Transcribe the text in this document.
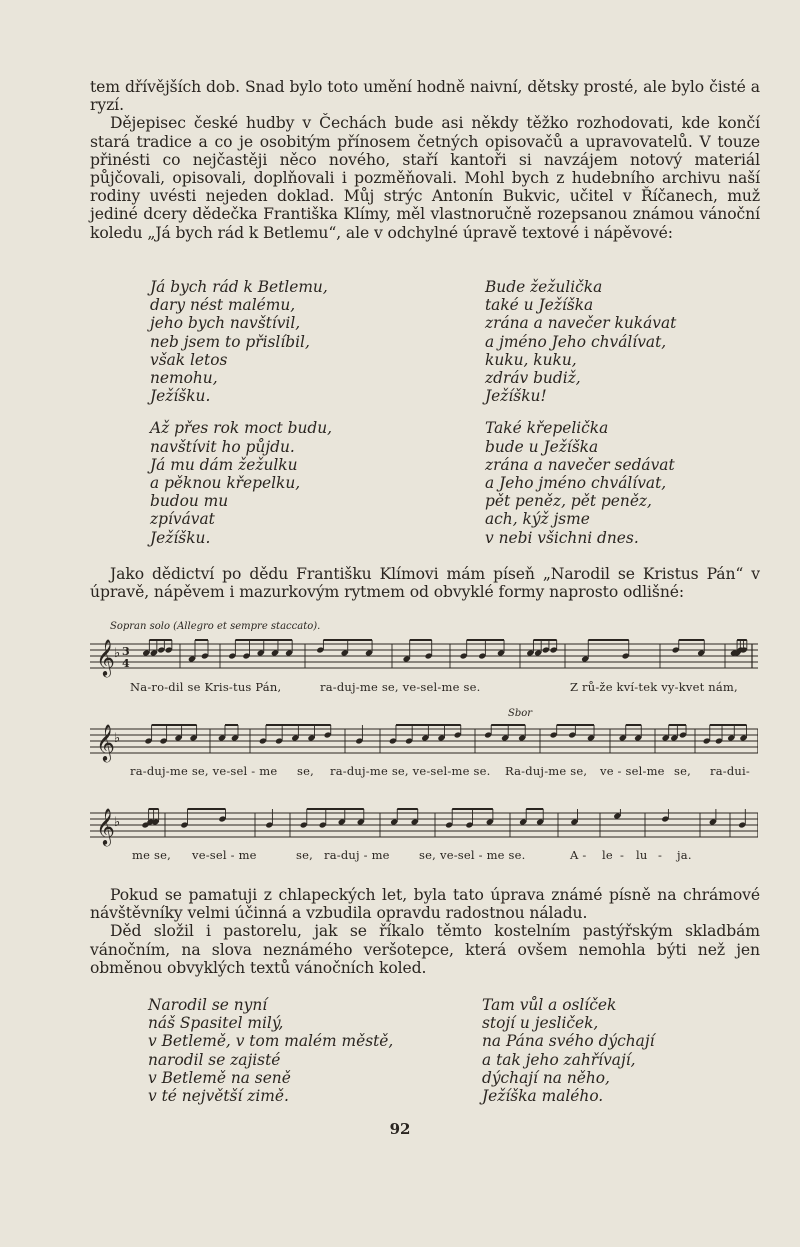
tem dřívějších dob. Snad bylo toto umění hodně naivní, dětsky prosté, ale bylo čisté a ryzí.

Dějepisec české hudby v Čechách bude asi někdy těžko rozhodovati, kde končí stará tradice a co je osobitým přínosem četných opisovačů a upravovatelů. V touze přinésti co nejčastěji něco nového, staří kantoři si navzájem notový materiál půjčovali, opisovali, doplňovali i pozměňovali. Mohl bych z hudebního archivu naší rodiny uvésti nejeden doklad. Můj strýc Antonín Bukvic, učitel v Říčanech, muž jediné dcery dědečka Františka Klímy, měl vlastnoručně rozepsanou známou vánoční koledu „Já bych rád k Betlemu“, ale v odchylné úpravě textové i nápěvové:

Já bych rád k Betlemu,
dary nést malému,
jeho bych navštívil,
neb jsem to přislíbil,
však letos
nemohu,
Ježíšku.
Až přes rok moct budu,
navštívit ho půjdu.
Já mu dám žežulku
a pěknou křepelku,
budou mu
zpívávat
Ježíšku.
Bude žežulička
také u Ježíška
zrána a navečer kukávat
a jméno Jeho chválívat,
kuku, kuku,
zdráv budiž,
Ježíšku!
Také křepelička
bude u Ježíška
zrána a navečer sedávat
a Jeho jméno chválívat,
pět peněz, pět peněz,
ach, kýž jsme
v nebi všichni dnes.

Jako dědictví po dědu Františku Klímovi mám píseň „Narodil se Kristus Pán“ v úpravě, nápěvem i mazurkovým rytmem od obvyklé formy naprosto odlišné:

Sopran solo (Allegro et sempre staccato).
Sbor
𝄞 ♭ 3
4
𝄞 ♭
𝄞 ♭
Na-ro-dil se Kris-tus Pán,	ra-duj-me se, ve-sel-me se.	Z rů-že kví-tek vy-kvet nám,
ra-duj-me se, ve-sel - me se, ra-duj-me se, ve-sel-me se. Ra-duj-me se, ve - sel-me se, ra-dui-
me se, ve-sel - me	se, ra-duj - me	se, ve-sel - me se.	A - le - lu - ja.

Pokud se pamatuji z chlapeckých let, byla tato úprava známé písně na chrámové návštěvníky velmi účinná a vzbudila opravdu radostnou náladu.

Děd složil i pastorelu, jak se říkalo těmto kostelním pastýřským skladbám vánočním, na slova neznámého veršotepce, která ovšem nemohla býti než jen obměnou obvyklých textů vánočních koled.

Narodil se nyní
náš Spasitel milý,
v Betlemě, v tom malém městě,
narodil se zajisté
v Betlemě na seně
v té největší zimě.
Tam vůl a oslíček
stojí u jesliček,
na Pána svého dýchají
a tak jeho zahřívají,
dýchají na něho,
Ježíška malého.
92
